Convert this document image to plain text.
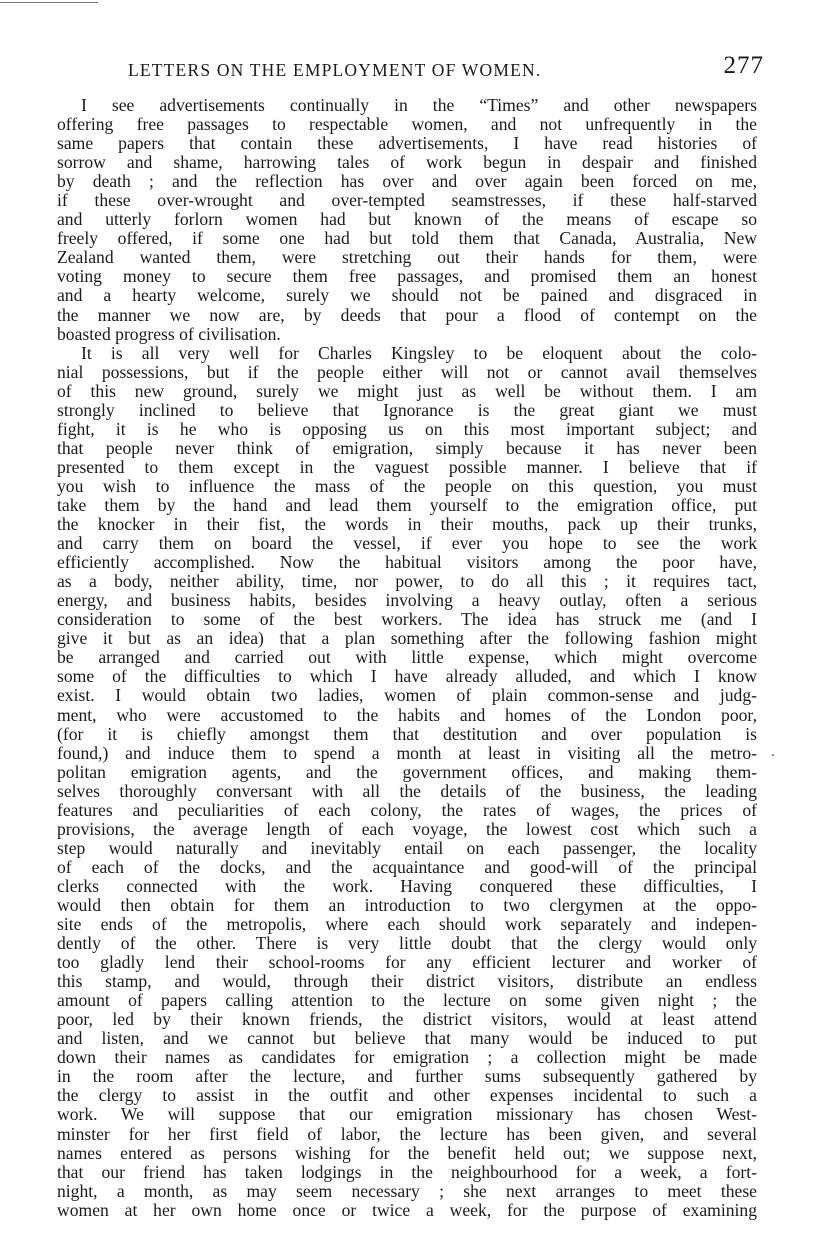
LETTERS ON THE EMPLOYMENT OF WOMEN.	277
I see advertisements continually in the “Times” and other newspapers
offering free passages to respectable women, and not unfrequently in the
same papers that contain these advertisements, I have read histories of
sorrow and shame, harrowing tales of work begun in despair and finished
by death ; and the reflection has over and over again been forced on me,
if these over-wrought and over-tempted seamstresses, if these half-starved
and utterly forlorn women had but known of the means of escape so
freely offered, if some one had but told them that Canada, Australia, New
Zealand wanted them, were stretching out their hands for them, were
voting money to secure them free passages, and promised them an honest
and a hearty welcome, surely we should not be pained and disgraced in
the manner we now are, by deeds that pour a flood of contempt on the
boasted progress of civilisation.
It is all very well for Charles Kingsley to be eloquent about the colo-
nial possessions, but if the people either will not or cannot avail themselves
of this new ground, surely we might just as well be without them. I am
strongly inclined to believe that Ignorance is the great giant we must
fight, it is he who is opposing us on this most important subject; and
that people never think of emigration, simply because it has never been
presented to them except in the vaguest possible manner. I believe that if
you wish to influence the mass of the people on this question, you must
take them by the hand and lead them yourself to the emigration office, put
the knocker in their fist, the words in their mouths, pack up their trunks,
and carry them on board the vessel, if ever you hope to see the work
efficiently accomplished. Now the habitual visitors among the poor have,
as a body, neither ability, time, nor power, to do all this ; it requires tact,
energy, and business habits, besides involving a heavy outlay, often a serious
consideration to some of the best workers. The idea has struck me (and I
give it but as an idea) that a plan something after the following fashion might
be arranged and carried out with little expense, which might overcome
some of the difficulties to which I have already alluded, and which I know
exist. I would obtain two ladies, women of plain common-sense and judg-
ment, who were accustomed to the habits and homes of the London poor,
(for it is chiefly amongst them that destitution and over population is
found,) and induce them to spend a month at least in visiting all the metro-
politan emigration agents, and the government offices, and making them-
selves thoroughly conversant with all the details of the business, the leading
features and peculiarities of each colony, the rates of wages, the prices of
provisions, the average length of each voyage, the lowest cost which such a
step would naturally and inevitably entail on each passenger, the locality
of each of the docks, and the acquaintance and good-will of the principal
clerks connected with the work. Having conquered these difficulties, I
would then obtain for them an introduction to two clergymen at the oppo-
site ends of the metropolis, where each should work separately and indepen-
dently of the other. There is very little doubt that the clergy would only
too gladly lend their school-rooms for any efficient lecturer and worker of
this stamp, and would, through their district visitors, distribute an endless
amount of papers calling attention to the lecture on some given night ; the
poor, led by their known friends, the district visitors, would at least attend
and listen, and we cannot but believe that many would be induced to put
down their names as candidates for emigration ; a collection might be made
in the room after the lecture, and further sums subsequently gathered by
the clergy to assist in the outfit and other expenses incidental to such a
work. We will suppose that our emigration missionary has chosen West-
minster for her first field of labor, the lecture has been given, and several
names entered as persons wishing for the benefit held out; we suppose next,
that our friend has taken lodgings in the neighbourhood for a week, a fort-
night, a month, as may seem necessary ; she next arranges to meet these
women at her own home once or twice a week, for the purpose of examining
